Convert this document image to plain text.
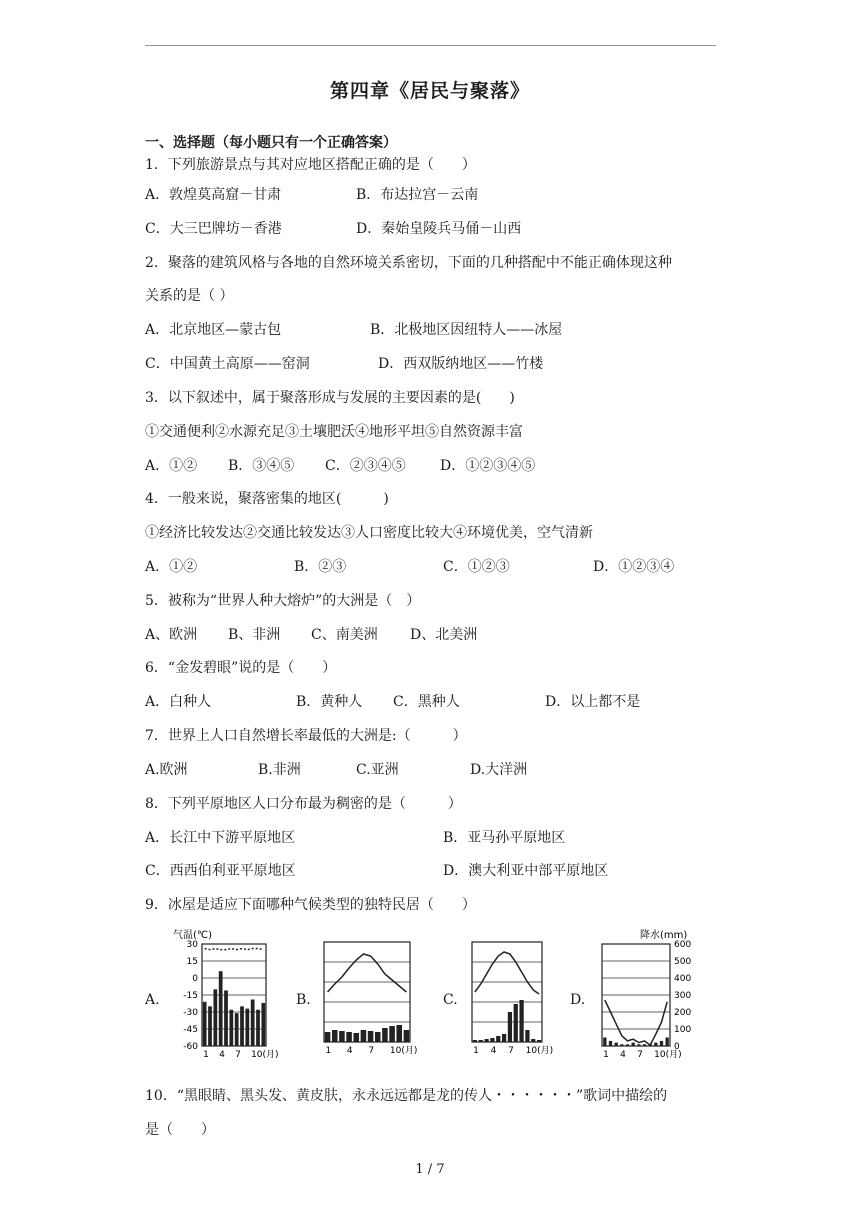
第四章《居民与聚落》
一、选择题（每小题只有一个正确答案）
1．下列旅游景点与其对应地区搭配正确的是（　　）
A．敦煌莫高窟－甘肃	B．布达拉宫－云南
C．大三巴牌坊－香港	D．秦始皇陵兵马俑－山西
2．聚落的建筑风格与各地的自然环境关系密切，下面的几种搭配中不能正确体现这种
关系的是（ ）
A．北京地区—蒙古包	B．北极地区因纽特人——冰屋
C．中国黄土高原——窑洞	D．西双版纳地区——竹楼
3．以下叙述中，属于聚落形成与发展的主要因素的是(　　)
①交通便利②水源充足③土壤肥沃④地形平坦⑤自然资源丰富
A．①② B．③④⑤ C．②③④⑤ D．①②③④⑤
4．一般来说，聚落密集的地区(　　　)
①经济比较发达②交通比较发达③人口密度比较大④环境优美，空气清新
A．①②	B．②③	C．①②③	D．①②③④
5．被称为“世界人种大熔炉”的大洲是（　）
A、欧洲 B、非洲 C、南美洲 D、北美洲
6．“金发碧眼”说的是（　　）
A．白种人	B．黄种人 C．黑种人	D．以上都不是
7．世界上人口自然增长率最低的大洲是:（　　　）
A.欧洲	B.非洲	C.亚洲	D.大洋洲
8．下列平原地区人口分布最为稠密的是（　　　）
A．长江中下游平原地区	B．亚马孙平原地区
C．西西伯利亚平原地区	D．澳大利亚中部平原地区
9．冰屋是适应下面哪种气候类型的独特民居（　　）
A.	B.	C.	D.
气温(℃)
30
15
0
-15
-30
-45
-60
1 4 7 10(月)	1 4 7 10(月)	1 4 7 10(月)
降水(mm)
600
500
400
300
200
100
0
1 4 7 10(月)
10．“黑眼睛、黑头发、黄皮肤，永永远远都是龙的传人・・・・・・”歌词中描绘的
是（　　）
1 / 7
